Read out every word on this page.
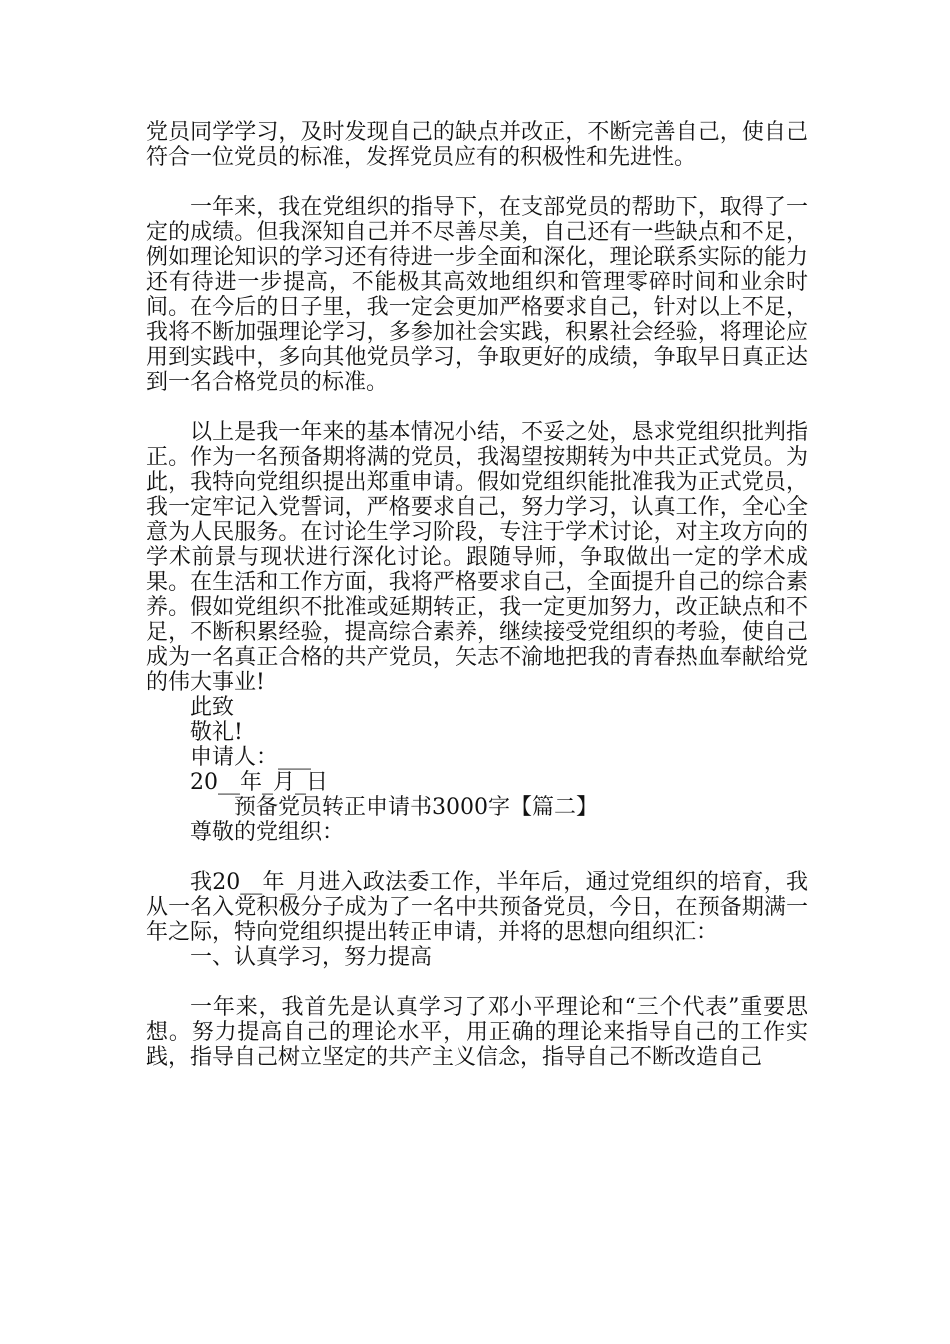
党员同学学习，及时发现自己的缺点并改正，不断完善自己，使自己符合一位党员的标准，发挥党员应有的积极性和先进性。

一年来，我在党组织的指导下，在支部党员的帮助下，取得了一定的成绩。但我深知自己并不尽善尽美，自己还有一些缺点和不足，例如理论知识的学习还有待进一步全面和深化，理论联系实际的能力还有待进一步提高，不能极其高效地组织和管理零碎时间和业余时间。在今后的日子里，我一定会更加严格要求自己，针对以上不足，我将不断加强理论学习，多参加社会实践，积累社会经验，将理论应用到实践中，多向其他党员学习，争取更好的成绩，争取早日真正达到一名合格党员的标准。

以上是我一年来的基本情况小结，不妥之处，恳求党组织批判指正。作为一名预备期将满的党员，我渴望按期转为中共正式党员。为此，我特向党组织提出郑重申请。假如党组织能批准我为正式党员，我一定牢记入党誓词，严格要求自己，努力学习，认真工作，全心全意为人民服务。在讨论生学习阶段，专注于学术讨论，对主攻方向的学术前景与现状进行深化讨论。跟随导师，争取做出一定的学术成果。在生活和工作方面，我将严格要求自己，全面提升自己的综合素养。假如党组织不批准或延期转正，我一定更加努力，改正缺点和不足，不断积累经验，提高综合素养，继续接受党组织的考验，使自己成为一名真正合格的共产党员，矢志不渝地把我的青春热血奉献给党的伟大事业!

此致

敬礼!

申请人：___

20__年_月_日

预备党员转正申请书3000字【篇二】

尊敬的党组织：

我20__年_月进入政法委工作，半年后，通过党组织的培育，我从一名入党积极分子成为了一名中共预备党员，今日，在预备期满一年之际，特向党组织提出转正申请，并将的思想向组织汇：

一、认真学习，努力提高

一年来，我首先是认真学习了邓小平理论和“三个代表”重要思想。努力提高自己的理论水平，用正确的理论来指导自己的工作实践，指导自己树立坚定的共产主义信念，指导自己不断改造自己
